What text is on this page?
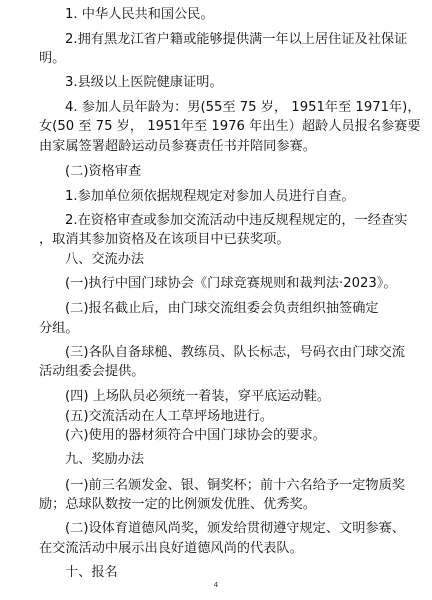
1. 中华人民共和国公民。
2.拥有黑龙江省户籍或能够提供满一年以上居住证及社保证
明。
3.县级以上医院健康证明。
4. 参加人员年龄为：男(55至 75 岁， 1951年至 1971年)，
女(50 至 75 岁， 1951年至 1976 年出生）超龄人员报名参赛要
由家属签署超龄运动员参赛责任书并陪同参赛。
(二)资格审查
1.参加单位须依据规程规定对参加人员进行自查。
2.在资格审查或参加交流活动中违反规程规定的，一经查实
，取消其参加资格及在该项目中已获奖项。
八、交流办法
(一)执行中国门球协会《门球竞赛规则和裁判法·2023》。
(二)报名截止后，由门球交流组委会负责组织抽签确定
分组。
(三)各队自备球槌、教练员、队长标志，号码衣由门球交流
活动组委会提供。
(四) 上场队员必须统一着装，穿平底运动鞋。
(五)交流活动在人工草坪场地进行。
(六)使用的器材须符合中国门球协会的要求。
九、奖励办法
(一)前三名颁发金、银、铜奖杯；前十六名给予一定物质奖
励；总球队数按一定的比例颁发优胜、优秀奖。
(二)设体育道德风尚奖，颁发给贯彻遵守规定、文明参赛、
在交流活动中展示出良好道德风尚的代表队。
十、报名
4
